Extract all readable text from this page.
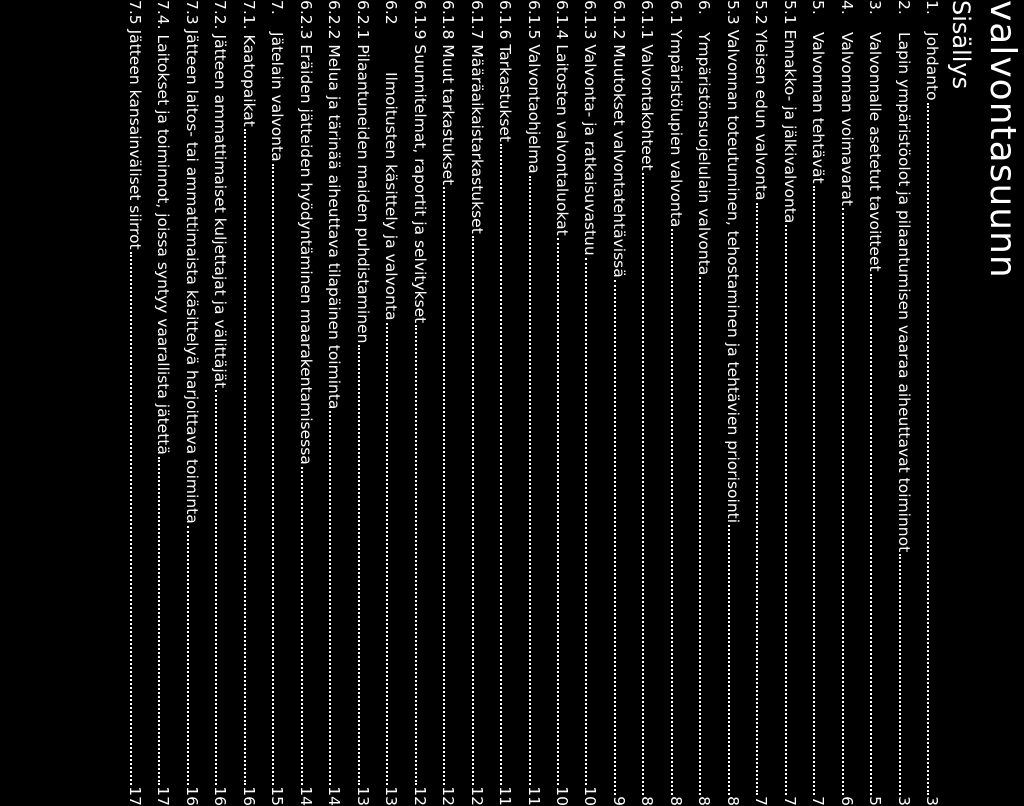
valvontasuunn
Sisällys
1.
Johdanto
3
2.
Lapin ympäristöolot ja pilaantumisen vaaraa aiheuttavat toiminnot
3
3.
Valvonnalle asetetut tavoitteet
5
4.
Valvonnan voimavarat
6
5.
Valvonnan tehtävät
7
5.1 Ennakko- ja jälkivalvonta
7
5.2 Yleisen edun valvonta
7
5.3 Valvonnan toteutuminen, tehostaminen ja tehtävien priorisointi
8
6.
Ympäristönsuojelulain valvonta
8
6.1 Ympäristölupien valvonta
8
6.1.1 Valvontakohteet
8
6.1.2 Muutokset valvontatehtävissä
9
6.1.3 Valvonta- ja ratkaisuvastuu
10
6.1.4 Laitosten valvontaluokat
10
6.1.5 Valvontaohjelma
11
6.1.6 Tarkastukset
11
6.1.7 Määräaikaistarkastukset
12
6.1.8 Muut tarkastukset
12
6.1.9 Suunnitelmat, raportit ja selvitykset
12
6.2
Ilmoitusten käsittely ja valvonta
13
6.2.1 Pilaantuneiden maiden puhdistaminen
13
6.2.2 Melua ja tärinää aiheuttava tilapäinen toiminta
14
6.2.3 Eräiden jätteiden hyödyntäminen maarakentamisessa
14
7.
Jätelain valvonta
15
7.1. Kaatopaikat
16
7.2. Jätteen ammattimaiset kuljettajat ja välittäjät
16
7.3 Jätteen laitos- tai ammattimaista käsittelyä harjoittava toiminta
16
7.4. Laitokset ja toiminnot, joissa syntyy vaarallista jätettä
17
7.5 Jätteen kansainväliset siirrot
17
